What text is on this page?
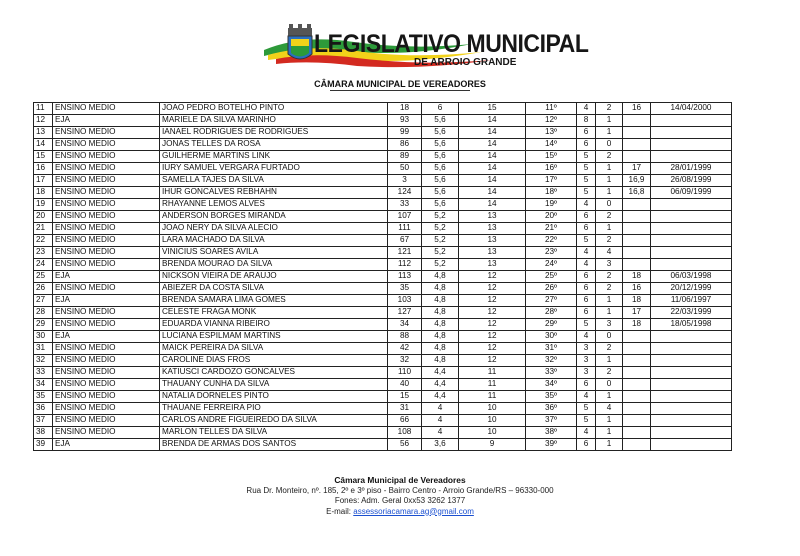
LEGISLATIVO MUNICIPAL
DE ARROIO GRANDE
CÂMARA MUNICIPAL DE VEREADORES
11	ENSINO MEDIO	JOAO PEDRO BOTELHO PINTO	18	6	15	11º	4	2	16	14/04/2000
12	EJA	MARIELE DA SILVA MARINHO	93	5,6	14	12º	8	1		
13	ENSINO MEDIO	IANAEL RODRIGUES DE RODRIGUES	99	5,6	14	13º	6	1		
14	ENSINO MEDIO	JONAS TELLES DA ROSA	86	5,6	14	14º	6	0		
15	ENSINO MEDIO	GUILHERME MARTINS LINK	89	5,6	14	15º	5	2		
16	ENSINO MEDIO	IURY SAMUEL VERGARA FURTADO	50	5,6	14	16º	5	1	17	28/01/1999
17	ENSINO MEDIO	SAMELLA TAJES DA SILVA	3	5,6	14	17º	5	1	16,9	26/08/1999
18	ENSINO MEDIO	IHUR GONCALVES REBHAHN	124	5,6	14	18º	5	1	16,8	06/09/1999
19	ENSINO MEDIO	RHAYANNE LEMOS ALVES	33	5,6	14	19º	4	0		
20	ENSINO MEDIO	ANDERSON BORGES MIRANDA	107	5,2	13	20º	6	2		
21	ENSINO MEDIO	JOAO NERY DA SILVA ALECIO	111	5,2	13	21º	6	1		
22	ENSINO MEDIO	LARA MACHADO DA SILVA	67	5,2	13	22º	5	2		
23	ENSINO MEDIO	VINICIUS SOARES AVILA	121	5,2	13	23º	4	4		
24	ENSINO MEDIO	BRENDA MOURAO DA SILVA	112	5,2	13	24º	4	3		
25	EJA	NICKSON VIEIRA DE ARAUJO	113	4,8	12	25º	6	2	18	06/03/1998
26	ENSINO MEDIO	ABIEZER DA COSTA SILVA	35	4,8	12	26º	6	2	16	20/12/1999
27	EJA	BRENDA SAMARA LIMA GOMES	103	4,8	12	27º	6	1	18	11/06/1997
28	ENSINO MEDIO	CELESTE FRAGA MONK	127	4,8	12	28º	6	1	17	22/03/1999
29	ENSINO MEDIO	EDUARDA VIANNA RIBEIRO	34	4,8	12	29º	5	3	18	18/05/1998
30	EJA	LUCIANA ESPILMAM MARTINS	88	4,8	12	30º	4	0		
31	ENSINO MEDIO	MAICK PEREIRA DA SILVA	42	4,8	12	31º	3	2		
32	ENSINO MEDIO	CAROLINE DIAS FROS	32	4,8	12	32º	3	1		
33	ENSINO MEDIO	KATIUSCI CARDOZO GONCALVES	110	4,4	11	33º	3	2		
34	ENSINO MEDIO	THAUANY CUNHA DA SILVA	40	4,4	11	34º	6	0		
35	ENSINO MEDIO	NATALIA DORNELES PINTO	15	4,4	11	35º	4	1		
36	ENSINO MEDIO	THAUANE FERREIRA PIO	31	4	10	36º	5	4		
37	ENSINO MEDIO	CARLOS ANDRE FIGUEIREDO DA SILVA	66	4	10	37º	5	1		
38	ENSINO MEDIO	MARLON TELLES DA SILVA	108	4	10	38º	4	1		
39	EJA	BRENDA DE ARMAS DOS SANTOS	56	3,6	9	39º	6	1		
Câmara Municipal de Vereadores
Rua Dr. Monteiro, nº. 185, 2º e 3º piso - Bairro Centro - Arroio Grande/RS – 96330-000
Fones: Adm. Geral 0xx53 3262 1377
E-mail: assessoriacamara.ag@gmail.com
